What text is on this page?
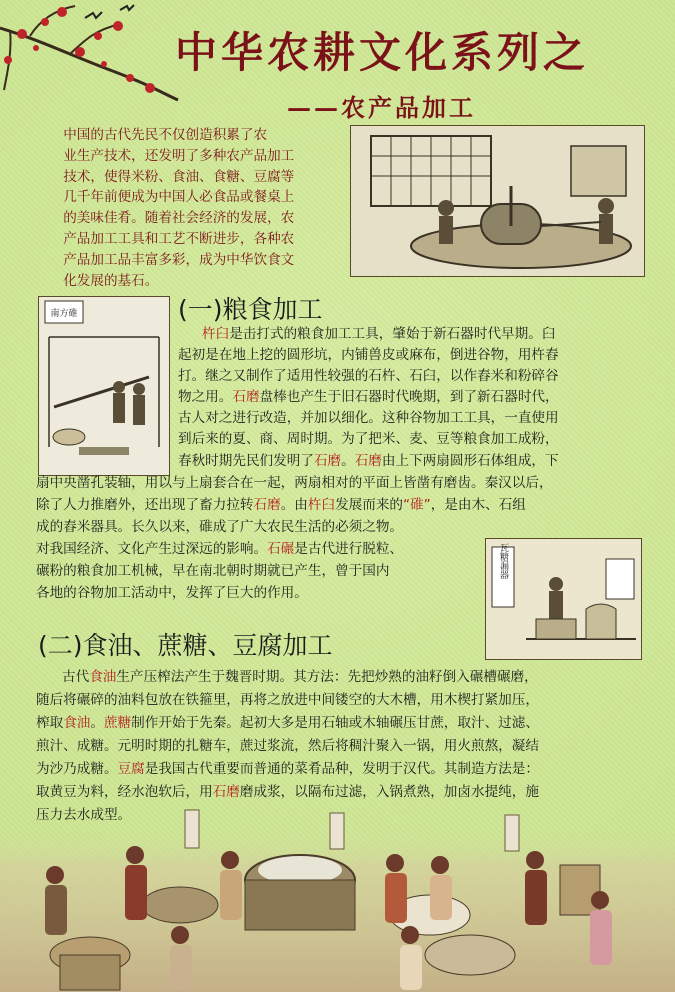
中华农耕文化系列之
——农产品加工
中国的古代先民不仅创造积累了农
业生产技术，还发明了多种农产品加工
技术，使得米粉、食油、食糖、豆腐等
几千年前便成为中国人必食品或餐桌上
的美味佳肴。随着社会经济的发展，农
产品加工工具和工艺不断进步，各种农
产品加工品丰富多彩，成为中华饮食文
化发展的基石。
(一)粮食加工
南方碓
杵臼是击打式的粮食加工工具，肇始于新石器时代早期。臼
起初是在地上挖的圆形坑，内铺兽皮或麻布，倒进谷物，用杵舂
打。继之又制作了适用性较强的石杵、石臼，以作舂米和粉碎谷
物之用。石磨盘棒也产生于旧石器时代晚期，到了新石器时代，
古人对之进行改造，并加以细化。这种谷物加工工具，一直使用
到后来的夏、商、周时期。为了把米、麦、豆等粮食加工成粉，
春秋时期先民们发明了石磨。石磨由上下两扇圆形石体组成，下
扇中央凿孔装轴，用以与上扇套合在一起，两扇相对的平面上皆凿有磨齿。秦汉以后，
除了人力推磨外，还出现了畜力拉转石磨。由杵臼发展而来的“碓”，是由木、石组
成的舂米器具。长久以来，碓成了广大农民生活的必须之物。
对我国经济、文化产生过深远的影响。石碾是古代进行脱粒、
碾粉的粮食加工机械，早在南北朝时期就已产生，曾于国内
各地的谷物加工活动中，发挥了巨大的作用。
瓦糖漏器
(二)食油、蔗糖、豆腐加工
古代食油生产压榨法产生于魏晋时期。其方法：先把炒熟的油籽倒入碾槽碾磨，
随后将碾碎的油料包放在铁箍里，再将之放进中间镂空的大木槽，用木楔打紧加压，
榨取食油。蔗糖制作开始于先秦。起初大多是用石轴或木轴碾压甘蔗，取汁、过滤、
煎汁、成糖。元明时期的扎糖车，蔗过浆流，然后将稠汁聚入一锅，用火煎熬，凝结
为沙乃成糖。豆腐是我国古代重要而普通的菜肴品种，发明于汉代。其制造方法是：
取黄豆为料，经水泡软后，用石磨磨成浆，以隔布过滤，入锅煮熟，加卤水提纯，施
压力去水成型。
